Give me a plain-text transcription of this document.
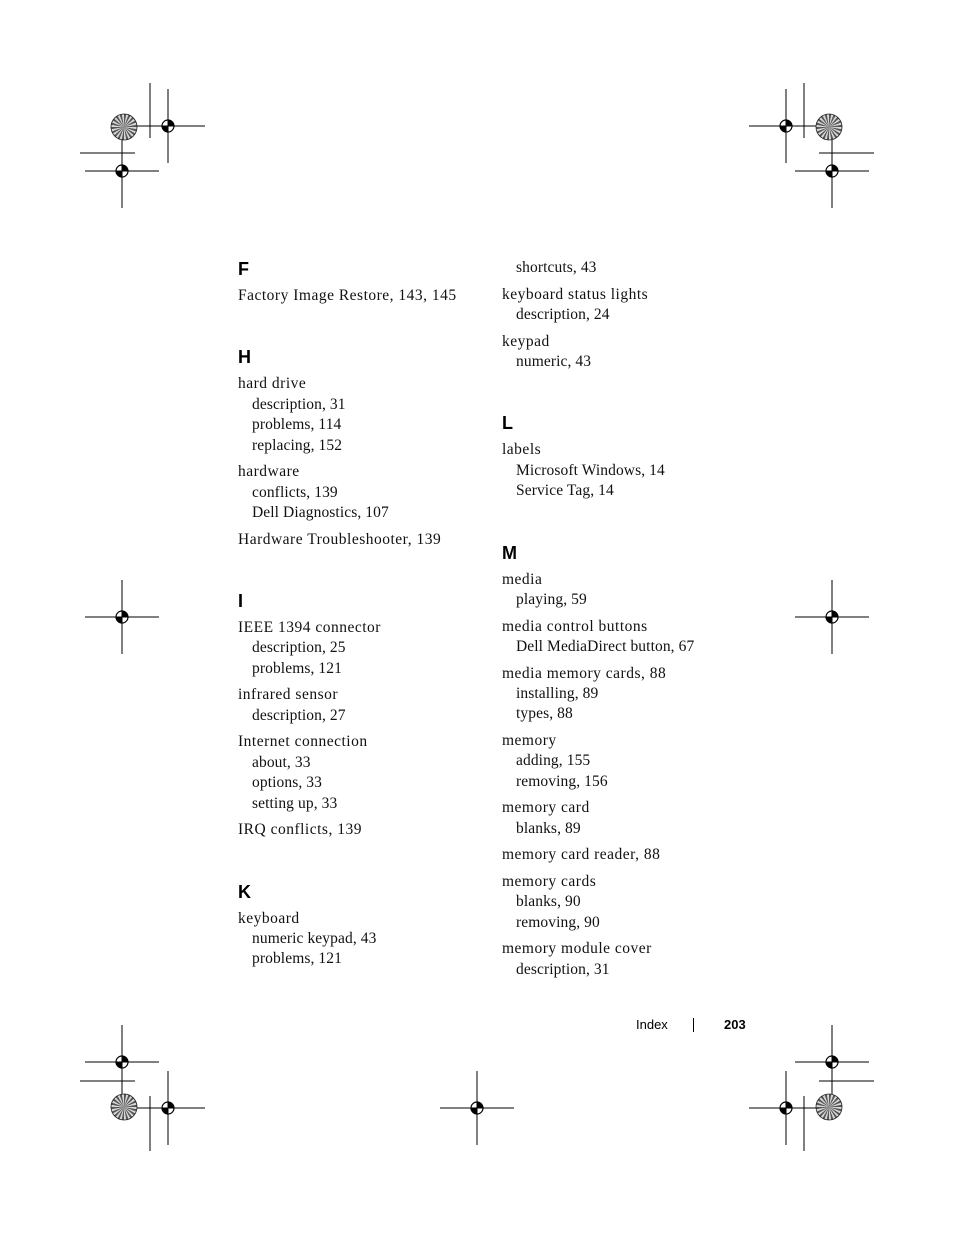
F
Factory Image Restore, 143, 145
H
hard drive
description, 31
problems, 114
replacing, 152
hardware
conflicts, 139
Dell Diagnostics, 107
Hardware Troubleshooter, 139
I
IEEE 1394 connector
description, 25
problems, 121
infrared sensor
description, 27
Internet connection
about, 33
options, 33
setting up, 33
IRQ conflicts, 139
K
keyboard
numeric keypad, 43
problems, 121
shortcuts, 43
keyboard status lights
description, 24
keypad
numeric, 43
L
labels
Microsoft Windows, 14
Service Tag, 14
M
media
playing, 59
media control buttons
Dell MediaDirect button, 67
media memory cards, 88
installing, 89
types, 88
memory
adding, 155
removing, 156
memory card
blanks, 89
memory card reader, 88
memory cards
blanks, 90
removing, 90
memory module cover
description, 31
Index	203
